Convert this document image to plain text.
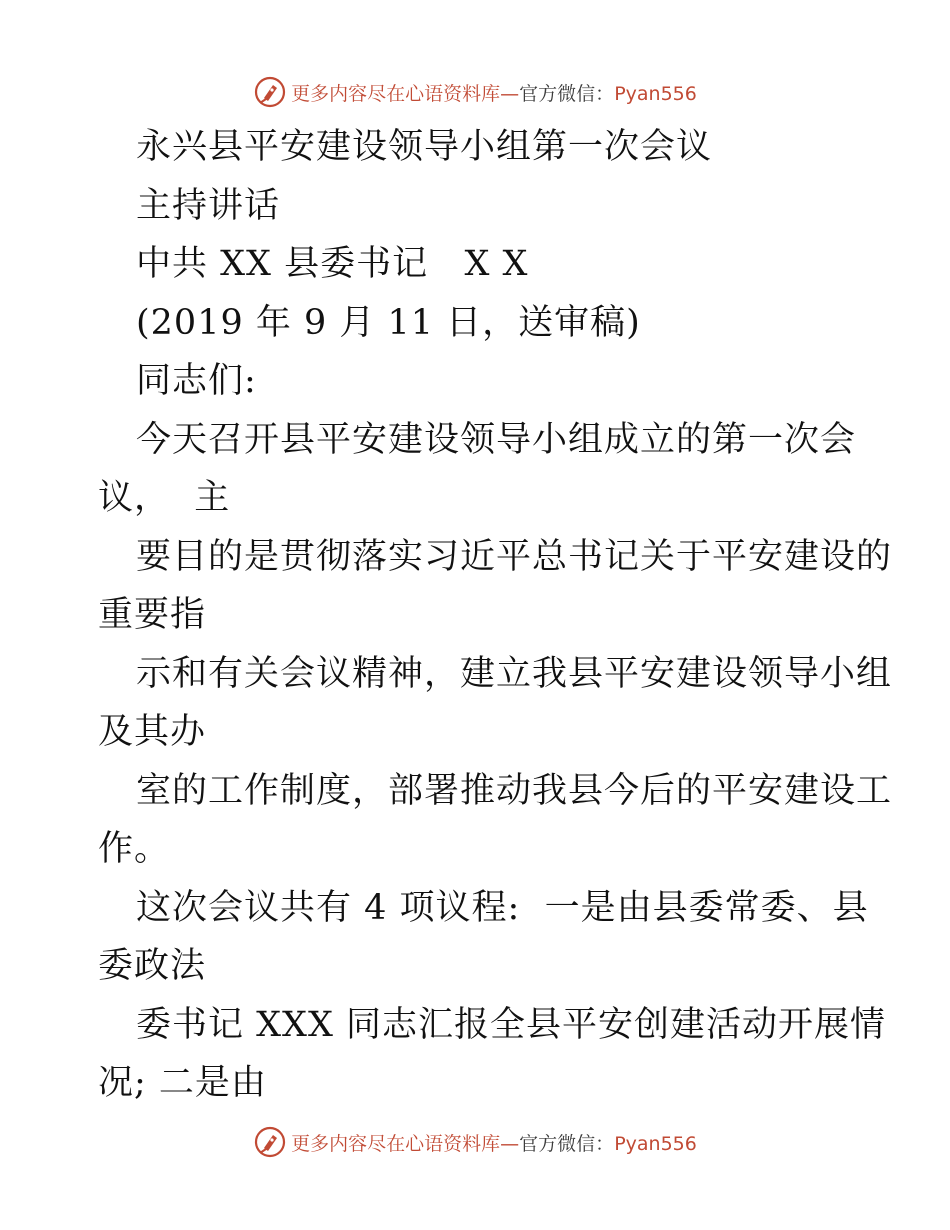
更多内容尽在心语资料库—官方微信：Pyan556
永兴县平安建设领导小组第一次会议
主持讲话
中共 XX 县委书记   X X
(2019 年 9 月 11 日，送审稿)
同志们:
今天召开县平安建设领导小组成立的第一次会
议，  主
要目的是贯彻落实习近平总书记关于平安建设的
重要指
示和有关会议精神，建立我县平安建设领导小组
及其办
室的工作制度，部署推动我县今后的平安建设工
作。
这次会议共有 4 项议程:  一是由县委常委、县
委政法
委书记 XXX 同志汇报全县平安创建活动开展情
况; 二是由
更多内容尽在心语资料库—官方微信：Pyan556
